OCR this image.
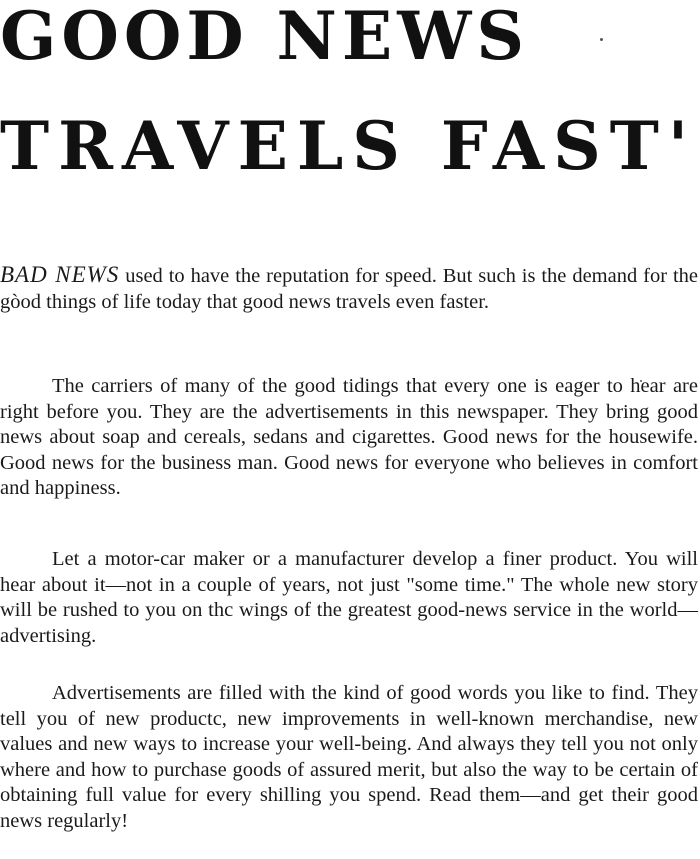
GOOD NEWS
TRAVELS FAST'

BAD NEWS used to have the reputation for speed. But such is the demand for the gòod things of life today that good news travels even faster.

The carriers of many of the good tidings that every one is eager to hear are right before you. They are the advertisements in this newspaper. They bring good news about soap and cereals, sedans and cigarettes. Good news for the housewife. Good news for the business man. Good news for everyone who believes in comfort and happiness.

Let a motor-car maker or a manufacturer develop a finer product. You will hear about it—not in a couple of years, not just "some time." The whole new story will be rushed to you on thc wings of the greatest good-news service in the world—advertising.

Advertisements are filled with the kind of good words you like to find. They tell you of new productc, new improvements in well-known merchandise, new values and new ways to increase your well-being. And always they tell you not only where and how to purchase goods of assured merit, but also the way to be certain of obtaining full value for every shilling you spend. Read them—and get their good news regularly!
